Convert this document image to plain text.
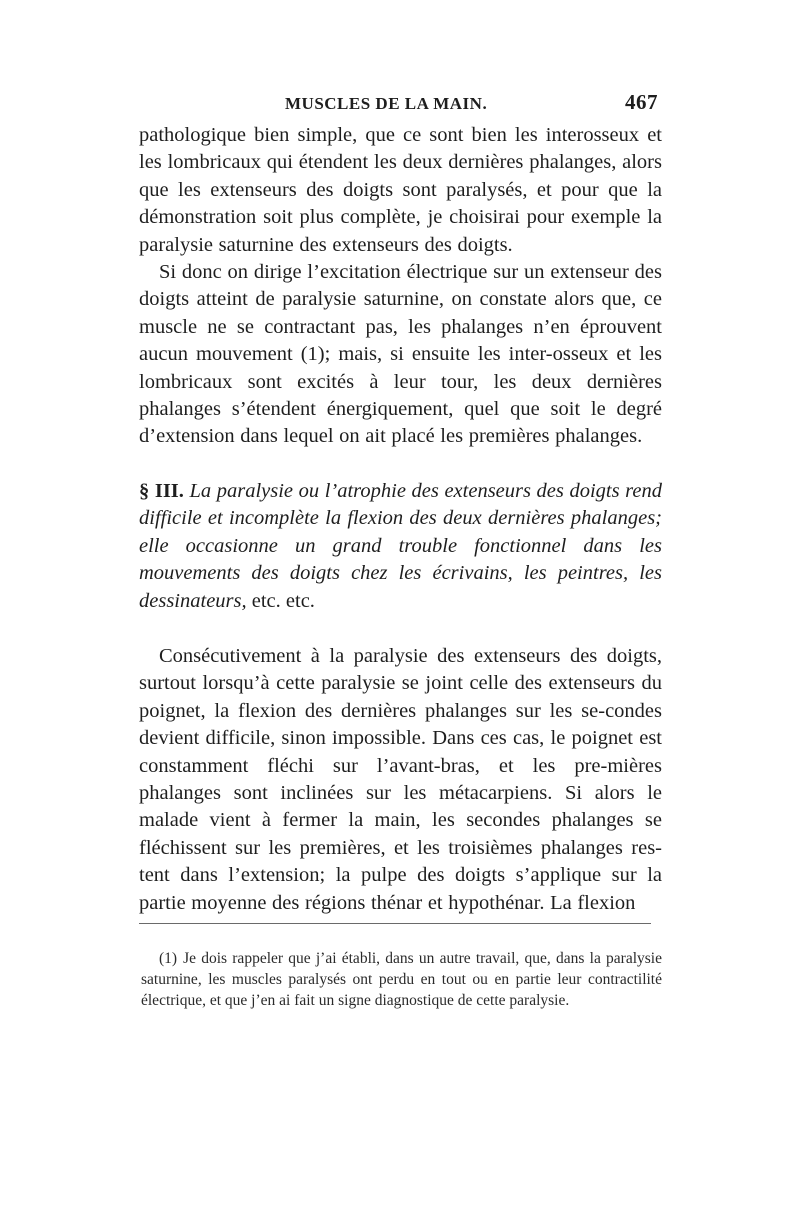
MUSCLES DE LA MAIN.	467

pathologique bien simple, que ce sont bien les interosseux et les lombricaux qui étendent les deux dernières phalanges, alors que les extenseurs des doigts sont paralysés, et pour que la démonstration soit plus complète, je choisirai pour exemple la paralysie saturnine des extenseurs des doigts.

Si donc on dirige l’excitation électrique sur un extenseur des doigts atteint de paralysie saturnine, on constate alors que, ce muscle ne se contractant pas, les phalanges n’en éprouvent aucun mouvement (1); mais, si ensuite les inter-osseux et les lombricaux sont excités à leur tour, les deux dernières phalanges s’étendent énergiquement, quel que soit le degré d’extension dans lequel on ait placé les premières phalanges.

§ III. La paralysie ou l’atrophie des extenseurs des doigts rend difficile et incomplète la flexion des deux dernières phalanges; elle occasionne un grand trouble fonctionnel dans les mouvements des doigts chez les écrivains, les peintres, les dessinateurs, etc. etc.

Consécutivement à la paralysie des extenseurs des doigts, surtout lorsqu’à cette paralysie se joint celle des extenseurs du poignet, la flexion des dernières phalanges sur les se-condes devient difficile, sinon impossible. Dans ces cas, le poignet est constamment fléchi sur l’avant-bras, et les pre-mières phalanges sont inclinées sur les métacarpiens. Si alors le malade vient à fermer la main, les secondes phalanges se fléchissent sur les premières, et les troisièmes phalanges res-tent dans l’extension; la pulpe des doigts s’applique sur la partie moyenne des régions thénar et hypothénar. La flexion

(1) Je dois rappeler que j’ai établi, dans un autre travail, que, dans la paralysie saturnine, les muscles paralysés ont perdu en tout ou en partie leur contractilité électrique, et que j’en ai fait un signe diagnostique de cette paralysie.
